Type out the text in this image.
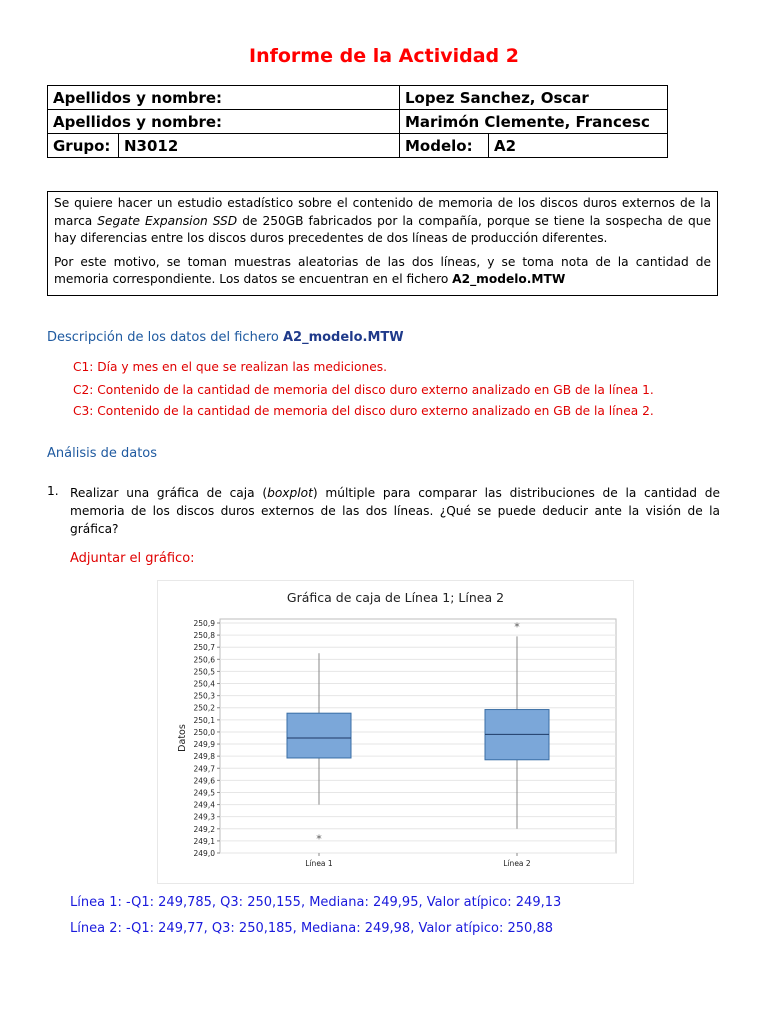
Informe de la Actividad 2
Apellidos y nombre:		Lopez Sanchez, Oscar	
Apellidos y nombre:		Marimón Clemente, Francesc	
Grupo:	N3012	Modelo:	A2

Se quiere hacer un estudio estadístico sobre el contenido de memoria de los discos duros externos de la marca Segate Expansion SSD de 250GB fabricados por la compañía, porque se tiene la sospecha de que hay diferencias entre los discos duros precedentes de dos líneas de producción diferentes.

Por este motivo, se toman muestras aleatorias de las dos líneas, y se toma nota de la cantidad de memoria correspondiente. Los datos se encuentran en el fichero A2_modelo.MTW

Descripción de los datos del fichero A2_modelo.MTW
C1: Día y mes en el que se realizan las mediciones.
C2: Contenido de la cantidad de memoria del disco duro externo analizado en GB de la línea 1.
C3: Contenido de la cantidad de memoria del disco duro externo analizado en GB de la línea 2.
Análisis de datos
1. Realizar una gráfica de caja (boxplot) múltiple para comparar las distribuciones de la cantidad de memoria de los discos duros externos de las dos líneas. ¿Qué se puede deducir ante la visión de la gráfica?
Adjuntar el gráfico:
Gráfica de caja de Línea 1; Línea 2
250,9
250,8
250,7
250,6
250,5
250,4
250,3
250,2
250,1
250,0
249,9
249,8
249,7
249,6
249,5
249,4
249,3
249,2
249,1
249,0
Datos
*
Línea 1
*
Línea 2
Línea 1: -Q1: 249,785, Q3: 250,155, Mediana: 249,95, Valor atípico: 249,13
Línea 2: -Q1: 249,77, Q3: 250,185, Mediana: 249,98, Valor atípico: 250,88
